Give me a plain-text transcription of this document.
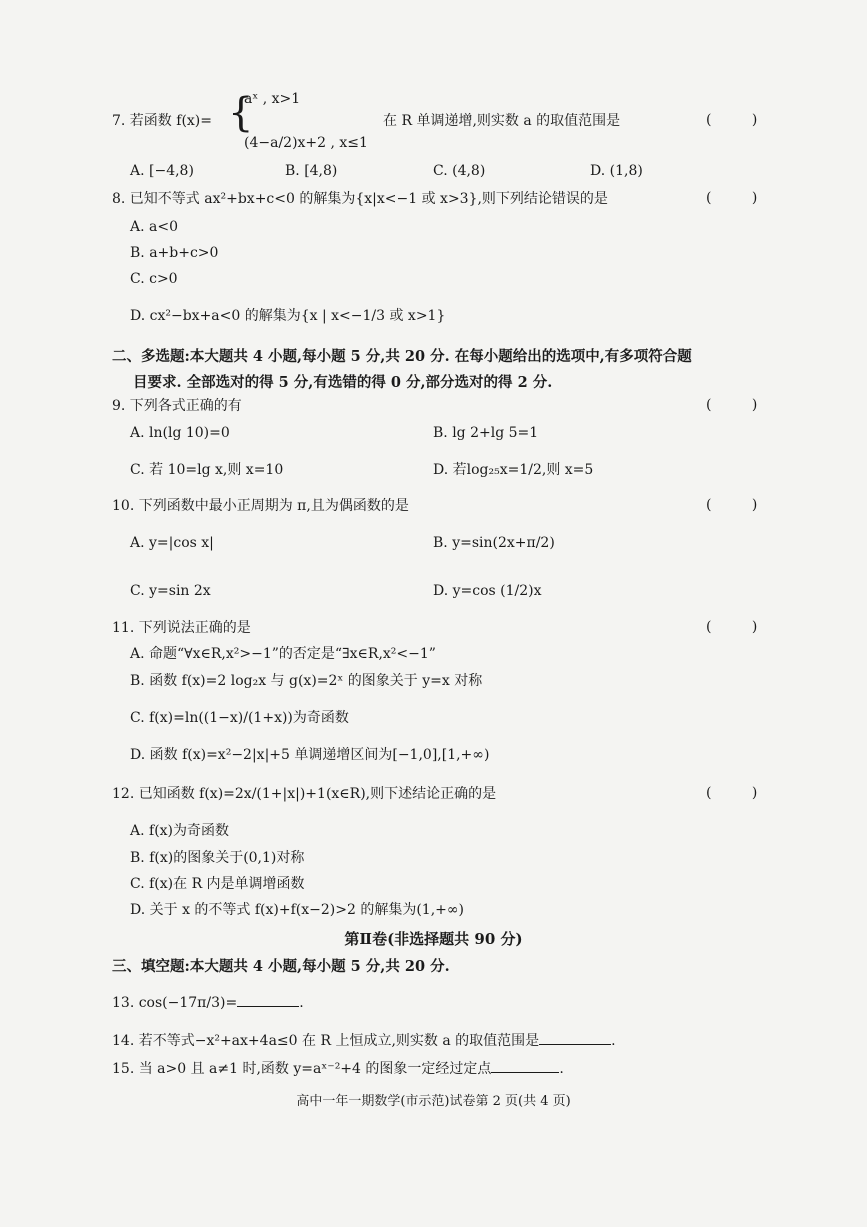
7. 若函数 f(x)= {
aˣ , x>1
(4−a/2)x+2 , x≤1
在 R 单调递增,则实数 a 的取值范围是	( )
A. [−4,8)	B. [4,8)	C. (4,8)	D. (1,8)
8. 已知不等式 ax²+bx+c<0 的解集为{x|x<−1 或 x>3},则下列结论错误的是	( )
A. a<0
B. a+b+c>0
C. c>0
D. cx²−bx+a<0 的解集为{x | x<−1/3 或 x>1}
二、多选题:本大题共 4 小题,每小题 5 分,共 20 分. 在每小题给出的选项中,有多项符合题
目要求. 全部选对的得 5 分,有选错的得 0 分,部分选对的得 2 分.
9. 下列各式正确的有	( )
A. ln(lg 10)=0	B. lg 2+lg 5=1
C. 若 10=lg x,则 x=10	D. 若log₂₅x=1/2,则 x=5
10. 下列函数中最小正周期为 π,且为偶函数的是	( )
A. y=|cos x|	B. y=sin(2x+π/2)
C. y=sin 2x	D. y=cos (1/2)x
11. 下列说法正确的是	( )
A. 命题“∀x∈R,x²>−1”的否定是“∃x∈R,x²<−1”
B. 函数 f(x)=2 log₂x 与 g(x)=2ˣ 的图象关于 y=x 对称
C. f(x)=ln((1−x)/(1+x))为奇函数
D. 函数 f(x)=x²−2|x|+5 单调递增区间为[−1,0],[1,+∞)
12. 已知函数 f(x)=2x/(1+|x|)+1(x∈R),则下述结论正确的是	( )
A. f(x)为奇函数
B. f(x)的图象关于(0,1)对称
C. f(x)在 R 内是单调增函数
D. 关于 x 的不等式 f(x)+f(x−2)>2 的解集为(1,+∞)
第Ⅱ卷(非选择题共 90 分)
三、填空题:本大题共 4 小题,每小题 5 分,共 20 分.
13. cos(−17π/3)=	.
14. 若不等式−x²+ax+4a≤0 在 R 上恒成立,则实数 a 的取值范围是	.
15. 当 a>0 且 a≠1 时,函数 y=aˣ⁻²+4 的图象一定经过定点	.
高中一年一期数学(市示范)试卷第 2 页(共 4 页)
